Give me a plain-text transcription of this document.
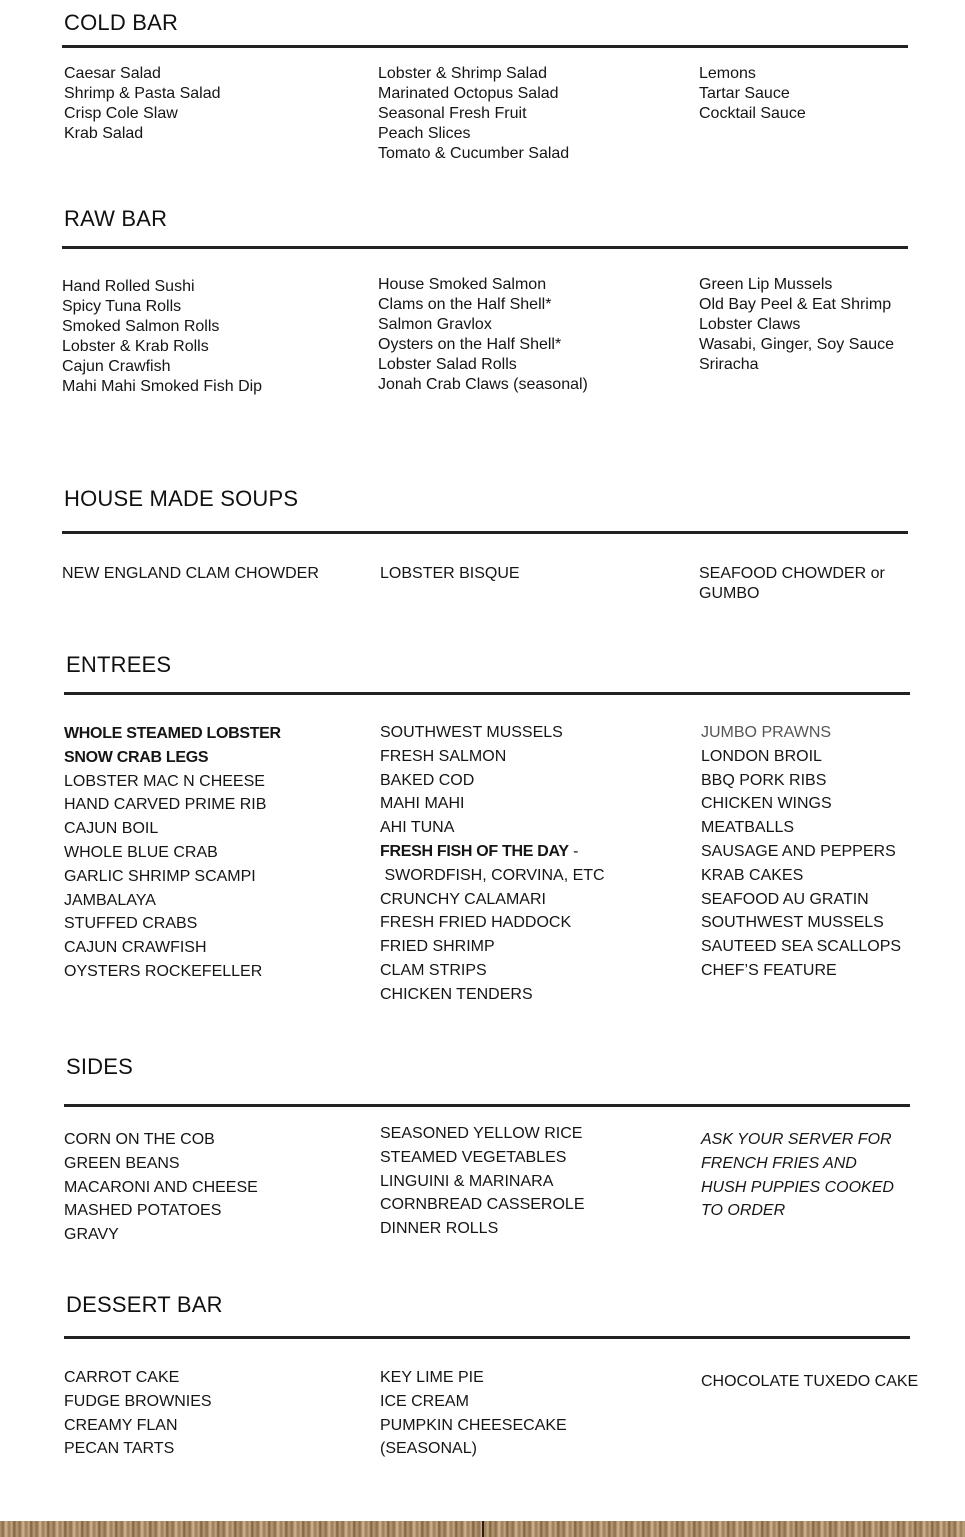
COLD BAR
Caesar Salad
Shrimp & Pasta Salad
Crisp Cole Slaw
Krab Salad
Lobster & Shrimp Salad
Marinated Octopus Salad
Seasonal Fresh Fruit
Peach Slices
Tomato & Cucumber Salad
Lemons
Tartar Sauce
Cocktail Sauce
RAW BAR
Hand Rolled Sushi
Spicy Tuna Rolls
Smoked Salmon Rolls
Lobster & Krab Rolls
Cajun Crawfish
Mahi Mahi Smoked Fish Dip
House Smoked Salmon
Clams on the Half Shell*
Salmon Gravlox
Oysters on the Half Shell*
Lobster Salad Rolls
Jonah Crab Claws (seasonal)
Green Lip Mussels
Old Bay Peel & Eat Shrimp
Lobster Claws
Wasabi, Ginger, Soy Sauce
Sriracha
HOUSE MADE SOUPS
NEW ENGLAND CLAM CHOWDER	LOBSTER BISQUE	SEAFOOD CHOWDER or
GUMBO
ENTREES
WHOLE STEAMED LOBSTER
SNOW CRAB LEGS
LOBSTER MAC N CHEESE
HAND CARVED PRIME RIB
CAJUN BOIL
WHOLE BLUE CRAB
GARLIC SHRIMP SCAMPI
JAMBALAYA
STUFFED CRABS
CAJUN CRAWFISH
OYSTERS ROCKEFELLER
SOUTHWEST MUSSELS
FRESH SALMON
BAKED COD
MAHI MAHI
AHI TUNA
FRESH FISH OF THE DAY -
SWORDFISH, CORVINA, ETC
CRUNCHY CALAMARI
FRESH FRIED HADDOCK
FRIED SHRIMP
CLAM STRIPS
CHICKEN TENDERS
JUMBO PRAWNS
LONDON BROIL
BBQ PORK RIBS
CHICKEN WINGS
MEATBALLS
SAUSAGE AND PEPPERS
KRAB CAKES
SEAFOOD AU GRATIN
SOUTHWEST MUSSELS
SAUTEED SEA SCALLOPS
CHEF’S FEATURE
SIDES
CORN ON THE COB
GREEN BEANS
MACARONI AND CHEESE
MASHED POTATOES
GRAVY
SEASONED YELLOW RICE
STEAMED VEGETABLES
LINGUINI & MARINARA
CORNBREAD CASSEROLE
DINNER ROLLS
ASK YOUR SERVER FOR
FRENCH FRIES AND
HUSH PUPPIES COOKED
TO ORDER
DESSERT BAR
CARROT CAKE
FUDGE BROWNIES
CREAMY FLAN
PECAN TARTS
KEY LIME PIE
ICE CREAM
PUMPKIN CHEESECAKE
(SEASONAL)
CHOCOLATE TUXEDO CAKE
